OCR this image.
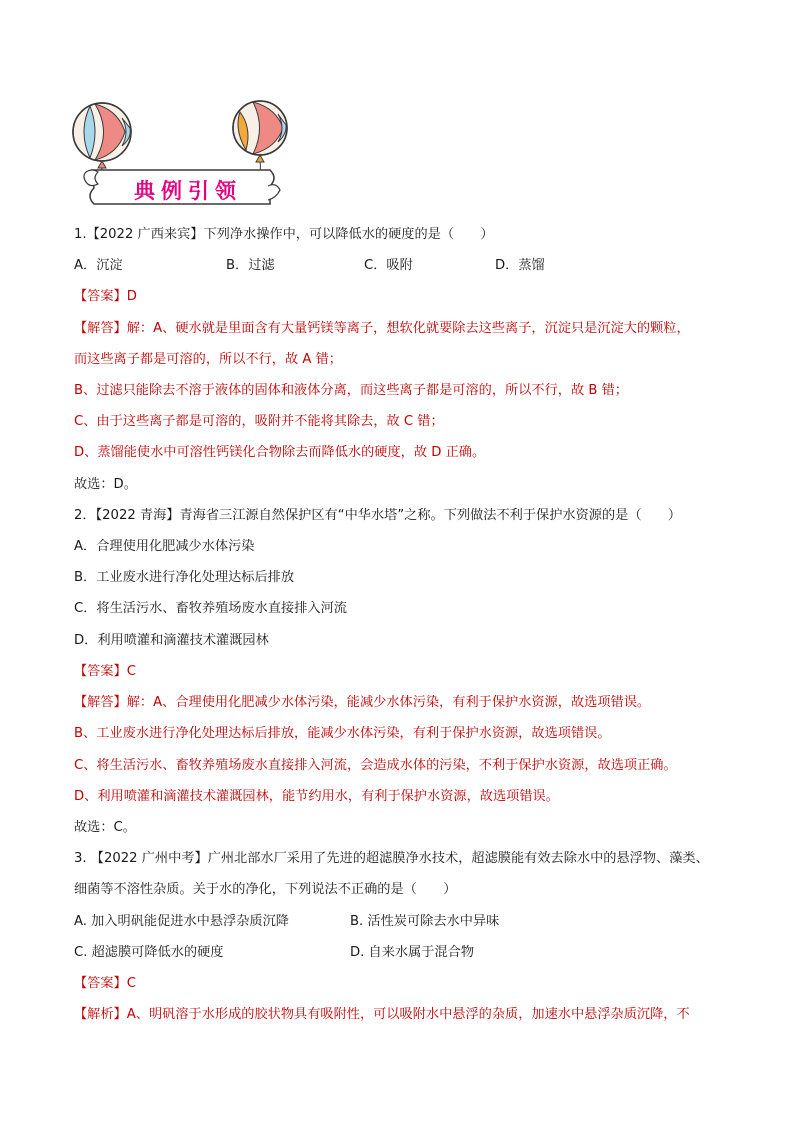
典例引领
1.【2022 广西来宾】下列净水操作中，可以降低水的硬度的是（　　）
A．沉淀	B．过滤	C．吸附	D．蒸馏
【答案】D
【解答】解：A、硬水就是里面含有大量钙镁等离子，想软化就要除去这些离子，沉淀只是沉淀大的颗粒，
而这些离子都是可溶的，所以不行，故 A 错；
B、过滤只能除去不溶于液体的固体和液体分离，而这些离子都是可溶的，所以不行，故 B 错；
C、由于这些离子都是可溶的，吸附并不能将其除去，故 C 错；
D、蒸馏能使水中可溶性钙镁化合物除去而降低水的硬度，故 D 正确。
故选：D。
2．【2022 青海】青海省三江源自然保护区有“中华水塔”之称。下列做法不利于保护水资源的是（　　）
A．合理使用化肥减少水体污染
B．工业废水进行净化处理达标后排放
C．将生活污水、畜牧养殖场废水直接排入河流
D．利用喷灌和滴灌技术灌溉园林
【答案】C
【解答】解：A、合理使用化肥减少水体污染，能减少水体污染，有利于保护水资源，故选项错误。
B、工业废水进行净化处理达标后排放，能减少水体污染，有利于保护水资源，故选项错误。
C、将生活污水、畜牧养殖场废水直接排入河流，会造成水体的污染，不利于保护水资源，故选项正确。
D、利用喷灌和滴灌技术灌溉园林，能节约用水，有利于保护水资源，故选项错误。
故选：C。
3. 【2022 广州中考】广州北部水厂采用了先进的超滤膜净水技术，超滤膜能有效去除水中的悬浮物、藻类、
细菌等不溶性杂质。关于水的净化，下列说法不正确的是（　　）
A. 加入明矾能促进水中悬浮杂质沉降	B. 活性炭可除去水中异味
C. 超滤膜可降低水的硬度	D. 自来水属于混合物
【答案】C
【解析】A、明矾溶于水形成的胶状物具有吸附性，可以吸附水中悬浮的杂质，加速水中悬浮杂质沉降，不
